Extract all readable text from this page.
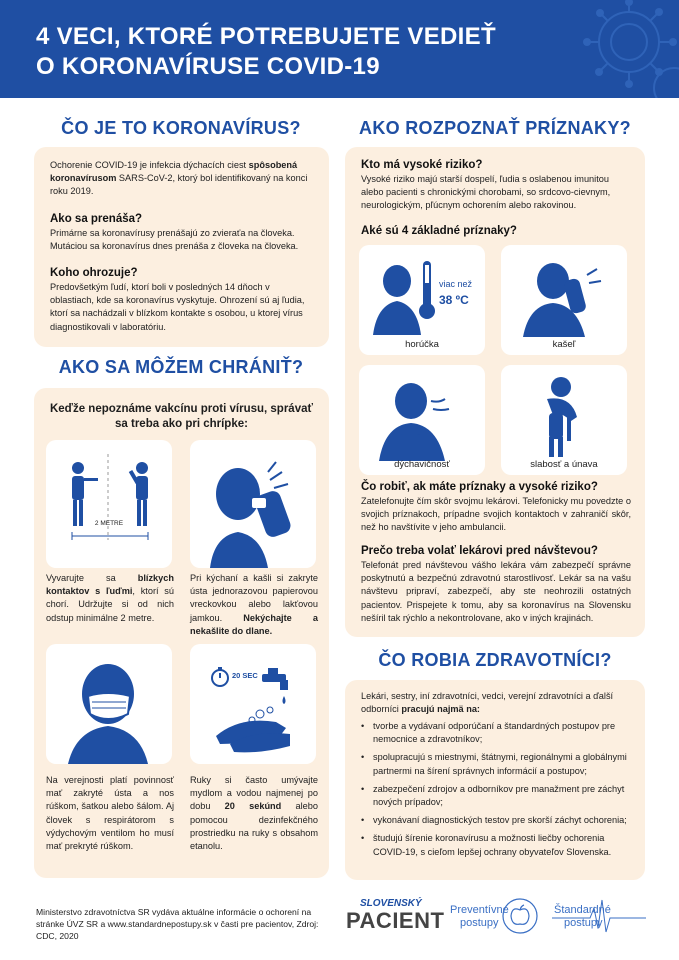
4 VECI, KTORÉ POTREBUJETE VEDIEŤ
O KORONAVÍRUSE COVID-19
ČO JE TO KORONAVÍRUS?
Ochorenie COVID-19 je infekcia dýchacích ciest spôsobená koronavírusom SARS-CoV-2, ktorý bol identifikovaný na konci roku 2019.
Ako sa prenáša?
Primárne sa koronavírusy prenášajú zo zvieraťa na človeka. Mutáciou sa koronavírus dnes prenáša z človeka na človeka.
Koho ohrozuje?
Predovšetkým ľudí, ktorí boli v posledných 14 dňoch v oblastiach, kde sa koronavírus vyskytuje. Ohrození sú aj ľudia, ktorí sa nachádzali v blízkom kontakte s osobou, u ktorej vírus diagnostikovali v laboratóriu.
AKO SA MÔŽEM CHRÁNIŤ?
Keďže nepoznáme vakcínu proti vírusu, správať sa treba ako pri chrípke:
2 METRE
Vyvarujte sa blízkych kontaktov s ľuďmi, ktorí sú chorí. Udržujte si od nich odstup minimálne 2 metre.
Pri kýchaní a kašli si zakryte ústa jednorazovou papierovou vreckovkou alebo lakťovou jamkou. Nekýchajte a nekašlite do dlane.
20 SEC
Na verejnosti platí povinnosť mať zakryté ústa a nos rúškom, šatkou alebo šálom. Aj človek s respirátorom s výdychovým ventilom ho musí mať prekryté rúškom.
Ruky si často umývajte mydlom a vodou najmenej po dobu 20 sekúnd alebo pomocou dezinfekčného prostriedku na ruky s obsahom etanolu.
AKO ROZPOZNAŤ PRÍZNAKY?
Kto má vysoké riziko?
Vysoké riziko majú starší dospelí, ľudia s oslabenou imunitou alebo pacienti s chronickými chorobami, so srdcovo-cievnym, neurologickým, pľúcnym ochorením alebo rakovinou.
Aké sú 4 základné príznaky?
viac než
38 ºC
horúčka	kašeľ
dýchavičnosť	slabosť a únava
Čo robiť, ak máte príznaky a vysoké riziko?
Zatelefonujte čím skôr svojmu lekárovi. Telefonicky mu povedzte o svojich príznakoch, prípadne svojich kontaktoch v zahraničí skôr, než ho navštívite v jeho ambulancii.
Prečo treba volať lekárovi pred návštevou?
Telefonát pred návštevou vášho lekára vám zabezpečí správne poskytnutú a bezpečnú zdravotnú starostlivosť. Lekár sa na vašu návštevu pripraví, zabezpečí, aby ste neohrozili ostatných pacientov. Prispejete k tomu, aby sa koronavírus na Slovensku nešíril tak rýchlo a nekontrolovane, ako v iných krajinách.
ČO ROBIA ZDRAVOTNÍCI?
Lekári, sestry, iní zdravotníci, vedci, verejní zdravotníci a ďalší odborníci pracujú najmä na:
• tvorbe a vydávaní odporúčaní a štandardných postupov pre nemocnice a zdravotníkov;
• spolupracujú s miestnymi, štátnymi, regionálnymi a globálnymi partnermi na šírení správnych informácií a postupov;
• zabezpečení zdrojov a odborníkov pre manažment pre záchyt nových prípadov;
• vykonávaní diagnostických testov pre skorší záchyt ochorenia;
• študujú šírenie koronavírusu a možnosti liečby ochorenia COVID-19, s cieľom lepšej ochrany obyvateľov Slovenska.
Ministerstvo zdravotníctva SR vydáva aktuálne informácie o ochorení na stránke ÚVZ SR a www.standardnepostupy.sk v časti pre pacientov, Zdroj: CDC, 2020
SLOVENSKÝ
PACIENT Preventívne
postupy
Štandardné
postupy
